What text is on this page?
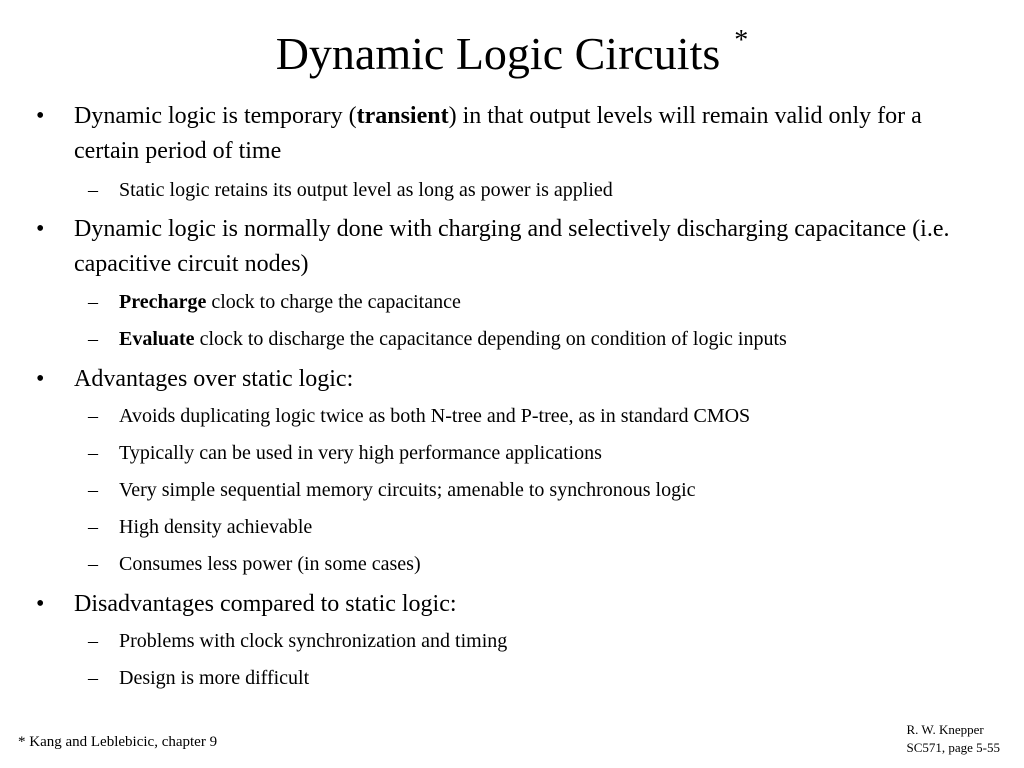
Dynamic Logic Circuits *
• Dynamic logic is temporary (transient) in that output levels will remain valid only for a certain period of time
– Static logic retains its output level as long as power is applied
• Dynamic logic is normally done with charging and selectively discharging capacitance (i.e. capacitive circuit nodes)
– Precharge clock to charge the capacitance
– Evaluate clock to discharge the capacitance depending on condition of logic inputs
• Advantages over static logic:
– Avoids duplicating logic twice as both N-tree and P-tree, as in standard CMOS
– Typically can be used in very high performance applications
– Very simple sequential memory circuits; amenable to synchronous logic
– High density achievable
– Consumes less power (in some cases)
• Disadvantages compared to static logic:
– Problems with clock synchronization and timing
– Design is more difficult
* Kang and Leblebicic, chapter 9
R. W. Knepper
SC571, page 5-55
